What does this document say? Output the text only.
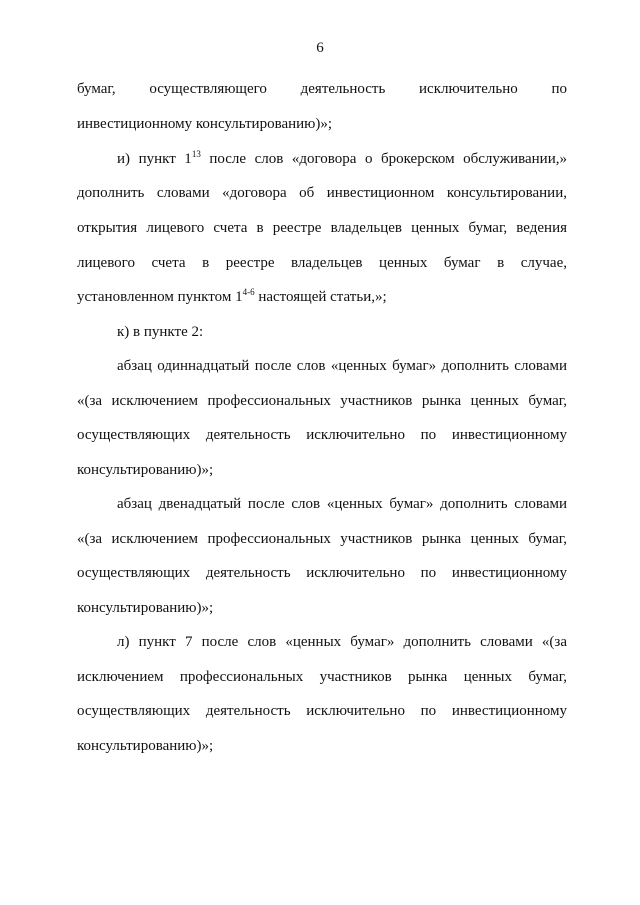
6
бумаг, осуществляющего деятельность исключительно по
инвестиционному консультированию)»;
и) пункт $1^{13}$ после слов «договора о брокерском обслуживании,»
дополнить словами «договора об инвестиционном консультировании,
открытия лицевого счета в реестре владельцев ценных бумаг, ведения
лицевого счета в реестре владельцев ценных бумаг в случае,
установленном пунктом 1$^{4-6}$ настоящей статьи,»;
к) в пункте 2:
абзац одиннадцатый после слов «ценных бумаг» дополнить словами
«(за исключением профессиональных участников рынка ценных бумаг,
осуществляющих деятельность исключительно по инвестиционному
консультированию)»;
абзац двенадцатый после слов «ценных бумаг» дополнить словами
«(за исключением профессиональных участников рынка ценных бумаг,
осуществляющих деятельность исключительно по инвестиционному
консультированию)»;
л) пункт 7 после слов «ценных бумаг» дополнить словами «(за
исключением профессиональных участников рынка ценных бумаг,
осуществляющих деятельность исключительно по инвестиционному
консультированию)»;
